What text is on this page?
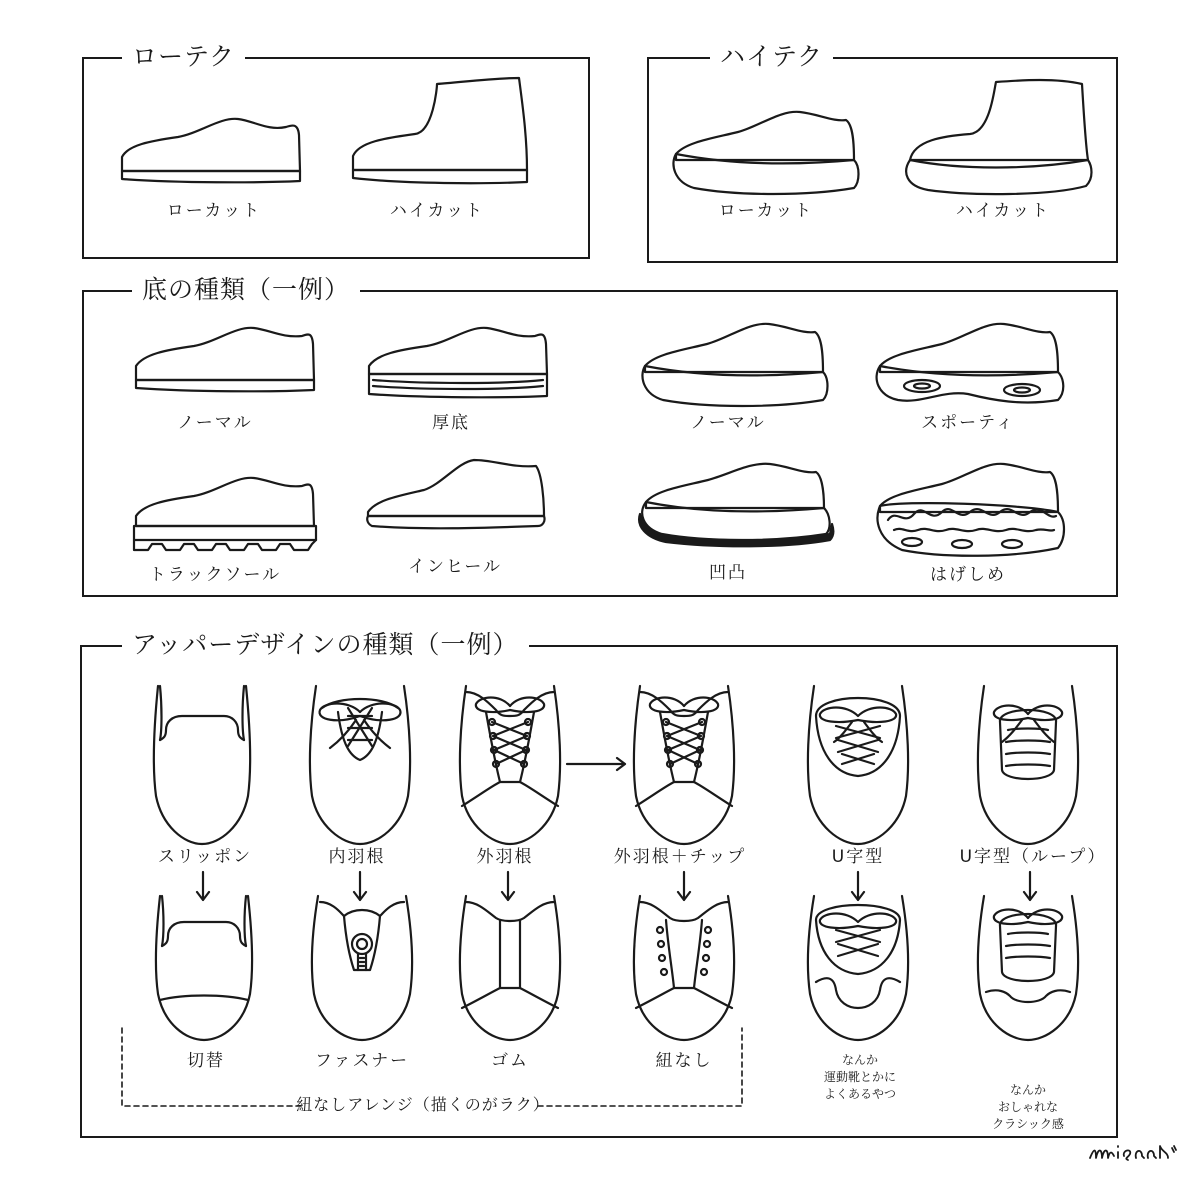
ローテク
ローカット	ハイカット
ハイテク
ローカット	ハイカット
底の種類（一例）
ノーマル	厚底	ノーマル	スポーティ
トラックソール	インヒール	凹凸	はげしめ
アッパーデザインの種類（一例）
スリッポン	内羽根	外羽根	外羽根＋チップ	U字型	U字型（ループ）
切替	ファスナー	ゴム	紐なし	なんか
運動靴とかに
よくあるやつ	なんか
おしゃれな
クラシック感
紐なしアレンジ（描くのがラク）
